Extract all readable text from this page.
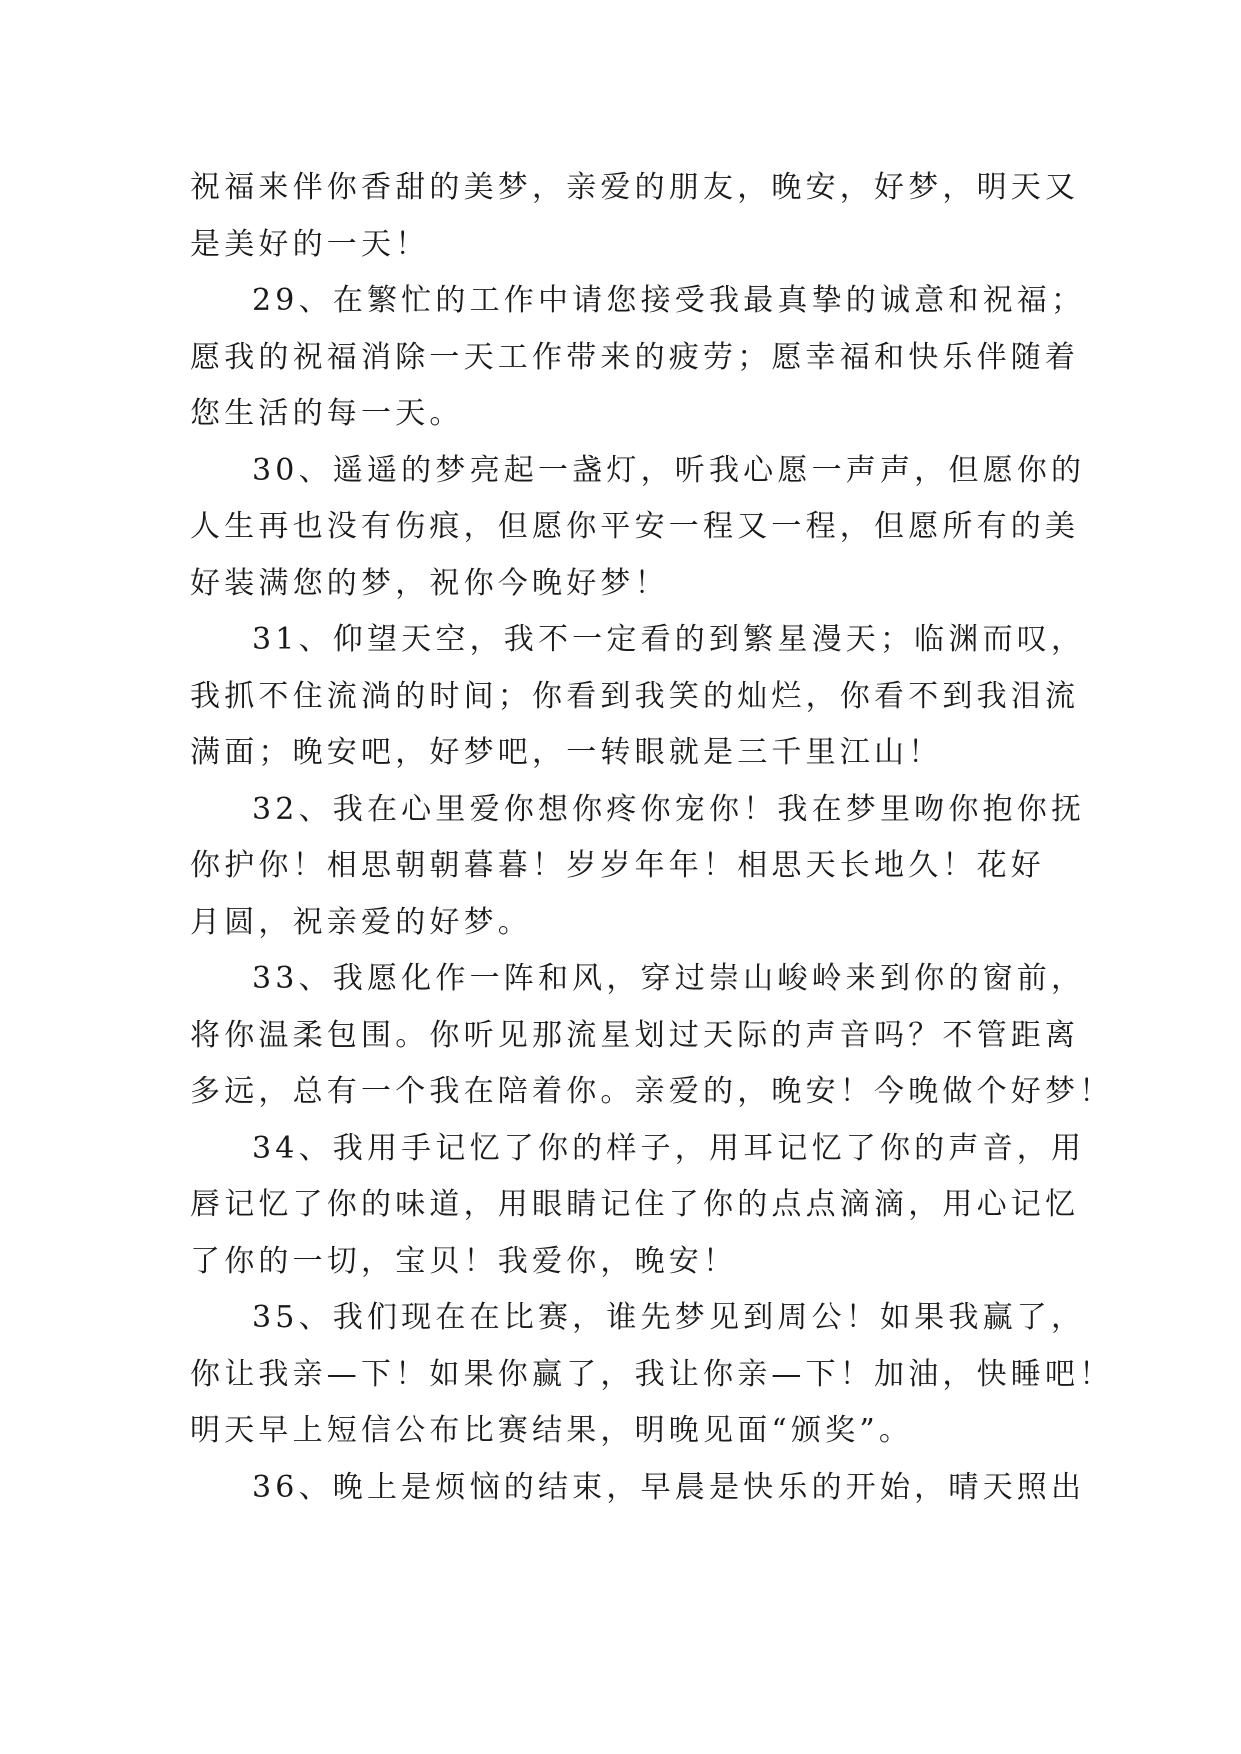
祝福来伴你香甜的美梦，亲爱的朋友，晚安，好梦，明天又
是美好的一天！
29、在繁忙的工作中请您接受我最真挚的诚意和祝福；
愿我的祝福消除一天工作带来的疲劳；愿幸福和快乐伴随着
您生活的每一天。
30、遥遥的梦亮起一盏灯，听我心愿一声声，但愿你的
人生再也没有伤痕，但愿你平安一程又一程，但愿所有的美
好装满您的梦，祝你今晚好梦！
31、仰望天空，我不一定看的到繁星漫天；临渊而叹，
我抓不住流淌的时间；你看到我笑的灿烂，你看不到我泪流
满面；晚安吧，好梦吧，一转眼就是三千里江山！
32、我在心里爱你想你疼你宠你！我在梦里吻你抱你抚
你护你！相思朝朝暮暮！岁岁年年！相思天长地久！花好
月圆，祝亲爱的好梦。
33、我愿化作一阵和风，穿过崇山峻岭来到你的窗前，
将你温柔包围。你听见那流星划过天际的声音吗？不管距离
多远，总有一个我在陪着你。亲爱的，晚安！今晚做个好梦！
34、我用手记忆了你的样子，用耳记忆了你的声音，用
唇记忆了你的味道，用眼睛记住了你的点点滴滴，用心记忆
了你的一切，宝贝！我爱你，晚安！
35、我们现在在比赛，谁先梦见到周公！如果我赢了，
你让我亲—下！如果你赢了，我让你亲—下！加油，快睡吧！
明天早上短信公布比赛结果，明晚见面“颁奖”。
36、晚上是烦恼的结束，早晨是快乐的开始，晴天照出
